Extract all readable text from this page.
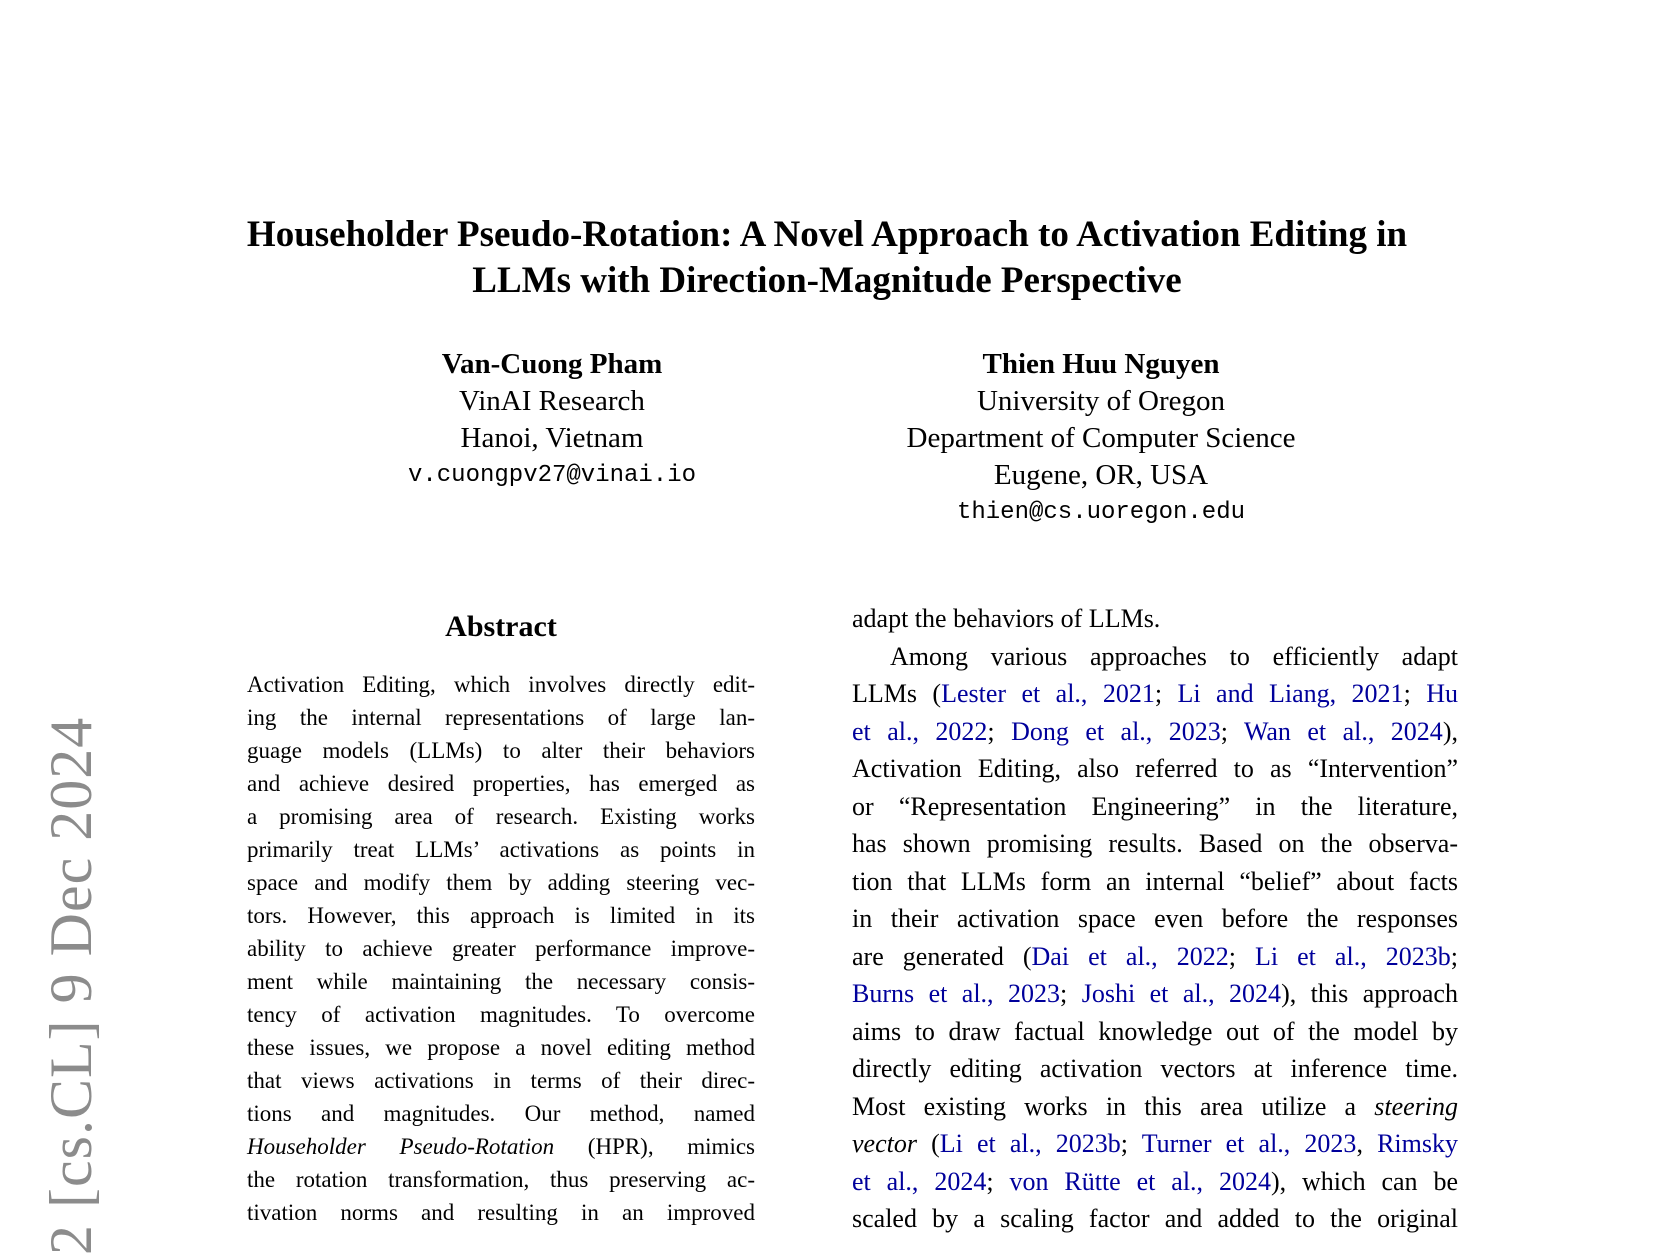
2 [cs.CL] 9 Dec 2024
Householder Pseudo-Rotation: A Novel Approach to Activation Editing in
LLMs with Direction-Magnitude Perspective
Van-Cuong Pham
VinAI Research
Hanoi, Vietnam
v.cuongpv27@vinai.io
Thien Huu Nguyen
University of Oregon
Department of Computer Science
Eugene, OR, USA
thien@cs.uoregon.edu
Abstract
Activation Editing, which involves directly edit-
ing the internal representations of large lan-
guage models (LLMs) to alter their behaviors
and achieve desired properties, has emerged as
a promising area of research. Existing works
primarily treat LLMs’ activations as points in
space and modify them by adding steering vec-
tors. However, this approach is limited in its
ability to achieve greater performance improve-
ment while maintaining the necessary consis-
tency of activation magnitudes. To overcome
these issues, we propose a novel editing method
that views activations in terms of their direc-
tions and magnitudes. Our method, named
Householder Pseudo-Rotation (HPR), mimics
the rotation transformation, thus preserving ac-
tivation norms and resulting in an improved
adapt the behaviors of LLMs.
Among various approaches to efficiently adapt
LLMs (Lester et al., 2021; Li and Liang, 2021; Hu
et al., 2022; Dong et al., 2023; Wan et al., 2024),
Activation Editing, also referred to as “Intervention”
or “Representation Engineering” in the literature,
has shown promising results. Based on the observa-
tion that LLMs form an internal “belief” about facts
in their activation space even before the responses
are generated (Dai et al., 2022; Li et al., 2023b;
Burns et al., 2023; Joshi et al., 2024), this approach
aims to draw factual knowledge out of the model by
directly editing activation vectors at inference time.
Most existing works in this area utilize a steering
vector (Li et al., 2023b; Turner et al., 2023, Rimsky
et al., 2024; von Rütte et al., 2024), which can be
scaled by a scaling factor and added to the original
